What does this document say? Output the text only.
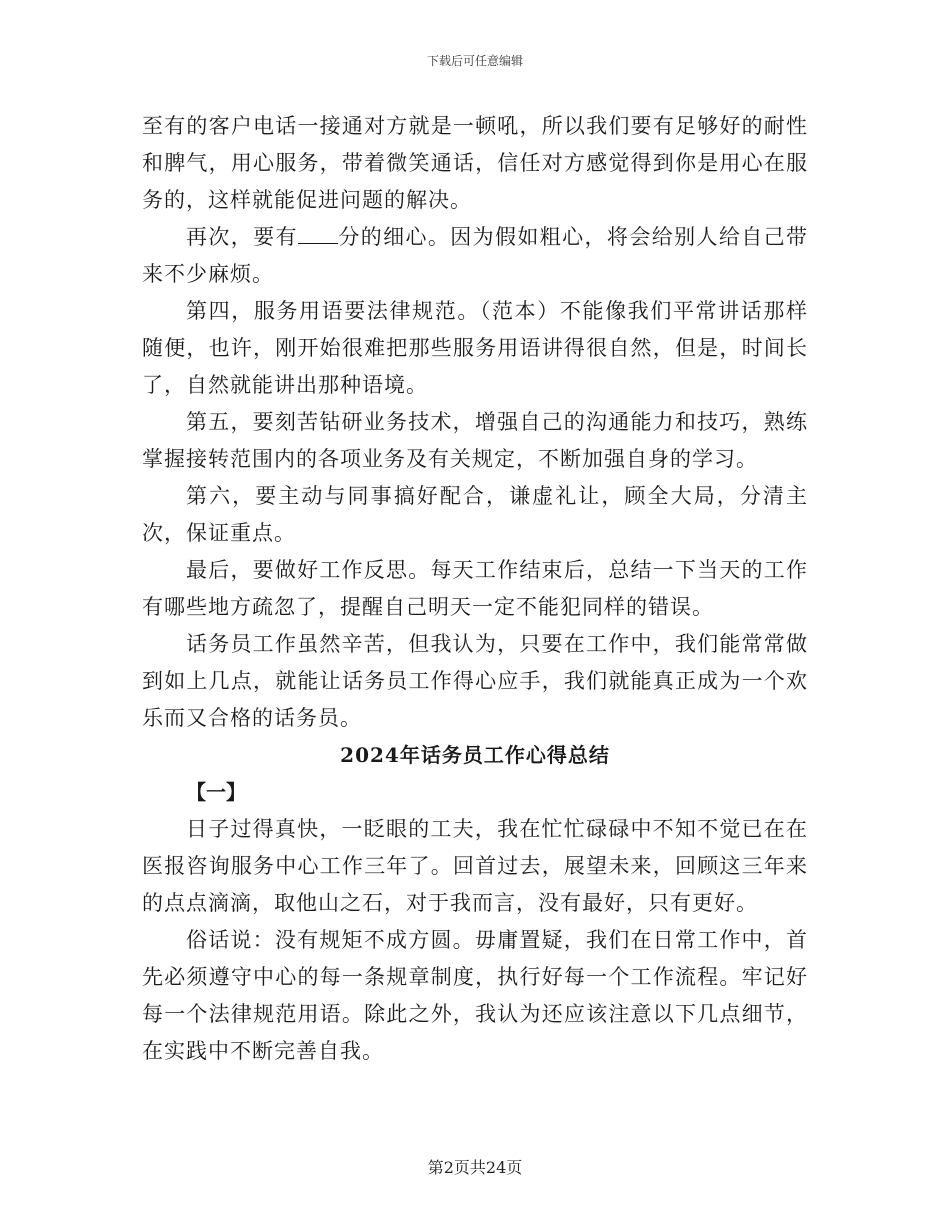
下载后可任意编辑

至有的客户电话一接通对方就是一顿吼，所以我们要有足够好的耐性和脾气，用心服务，带着微笑通话，信任对方感觉得到你是用心在服务的，这样就能促进问题的解决。

再次，要有 分的细心。因为假如粗心，将会给别人给自己带来不少麻烦。

第四，服务用语要法律规范。（范本）不能像我们平常讲话那样随便，也许，刚开始很难把那些服务用语讲得很自然，但是，时间长了，自然就能讲出那种语境。

第五，要刻苦钻研业务技术，增强自己的沟通能力和技巧，熟练掌握接转范围内的各项业务及有关规定，不断加强自身的学习。

第六，要主动与同事搞好配合，谦虚礼让，顾全大局，分清主次，保证重点。

最后，要做好工作反思。每天工作结束后，总结一下当天的工作有哪些地方疏忽了，提醒自己明天一定不能犯同样的错误。

话务员工作虽然辛苦，但我认为，只要在工作中，我们能常常做到如上几点，就能让话务员工作得心应手，我们就能真正成为一个欢乐而又合格的话务员。

2024年话务员工作心得总结

【一】

日子过得真快，一眨眼的工夫，我在忙忙碌碌中不知不觉已在在医报咨询服务中心工作三年了。回首过去，展望未来，回顾这三年来的点点滴滴，取他山之石，对于我而言，没有最好，只有更好。

俗话说：没有规矩不成方圆。毋庸置疑，我们在日常工作中，首先必须遵守中心的每一条规章制度，执行好每一个工作流程。牢记好每一个法律规范用语。除此之外，我认为还应该注意以下几点细节，在实践中不断完善自我。

第2页共24页
